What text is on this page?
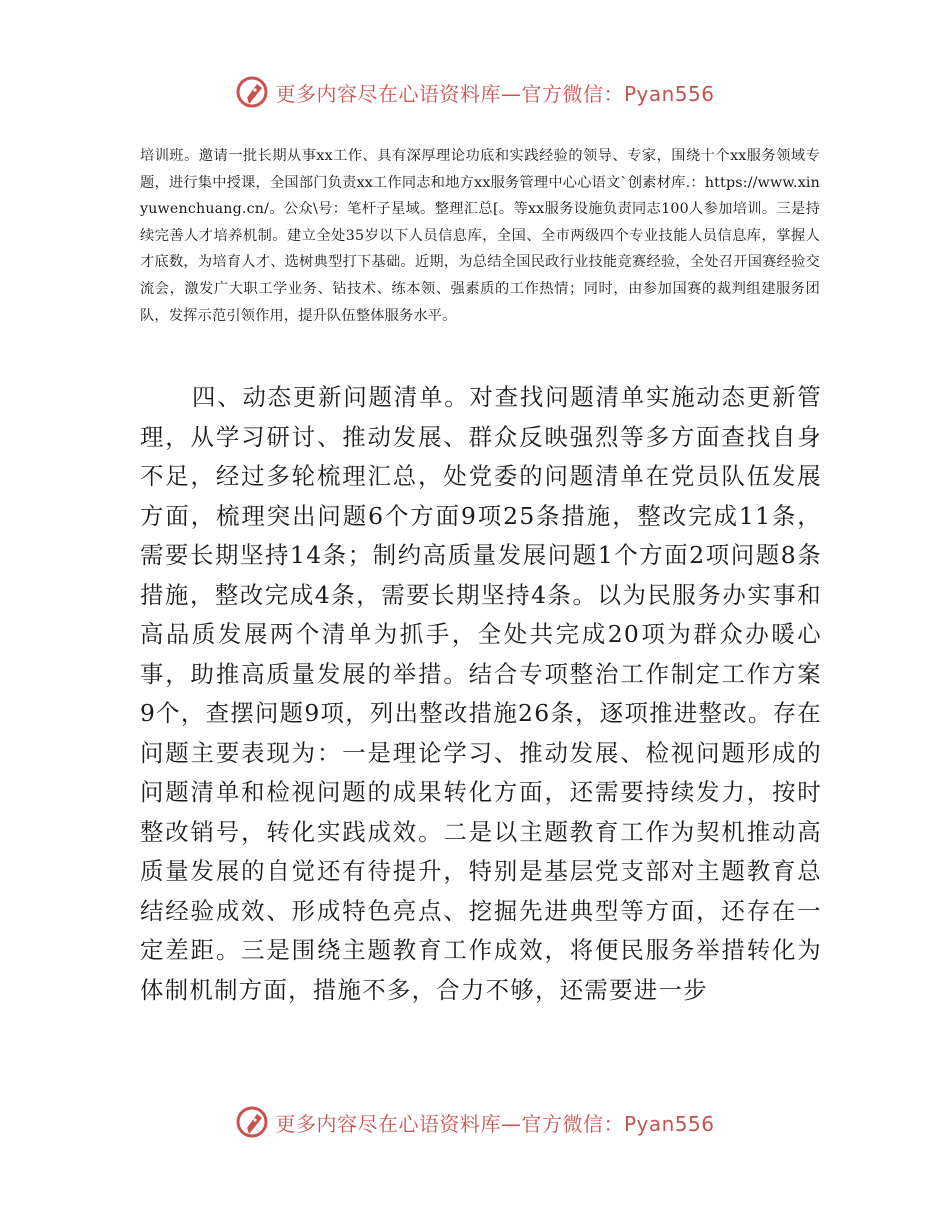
更多内容尽在心语资料库—官方微信：Pyan556

培训班。邀请一批长期从事xx工作、具有深厚理论功底和实践经验的领导、专家，围绕十个xx服务领域专题，进行集中授课，全国部门负责xx工作同志和地方xx服务管理中心心语文`创素材库.：https://www.xinyuwenchuang.cn/。公众\号：笔杆子星域。整理汇总[。等xx服务设施负责同志100人参加培训。三是持续完善人才培养机制。建立全处35岁以下人员信息库，全国、全市两级四个专业技能人员信息库，掌握人才底数，为培育人才、选树典型打下基础。近期，为总结全国民政行业技能竞赛经验，全处召开国赛经验交流会，激发广大职工学业务、钻技术、练本领、强素质的工作热情；同时，由参加国赛的裁判组建服务团队，发挥示范引领作用，提升队伍整体服务水平。

四、动态更新问题清单。对查找问题清单实施动态更新管理，从学习研讨、推动发展、群众反映强烈等多方面查找自身不足，经过多轮梳理汇总，处党委的问题清单在党员队伍发展方面，梳理突出问题6个方面9项25条措施，整改完成11条，需要长期坚持14条；制约高质量发展问题1个方面2项问题8条措施，整改完成4条，需要长期坚持4条。以为民服务办实事和高品质发展两个清单为抓手，全处共完成20项为群众办暖心事，助推高质量发展的举措。结合专项整治工作制定工作方案9个，查摆问题9项，列出整改措施26条，逐项推进整改。存在问题主要表现为：一是理论学习、推动发展、检视问题形成的问题清单和检视问题的成果转化方面，还需要持续发力，按时整改销号，转化实践成效。二是以主题教育工作为契机推动高质量发展的自觉还有待提升，特别是基层党支部对主题教育总结经验成效、形成特色亮点、挖掘先进典型等方面，还存在一定差距。三是围绕主题教育工作成效，将便民服务举措转化为体制机制方面，措施不多，合力不够，还需要进一步

更多内容尽在心语资料库—官方微信：Pyan556
